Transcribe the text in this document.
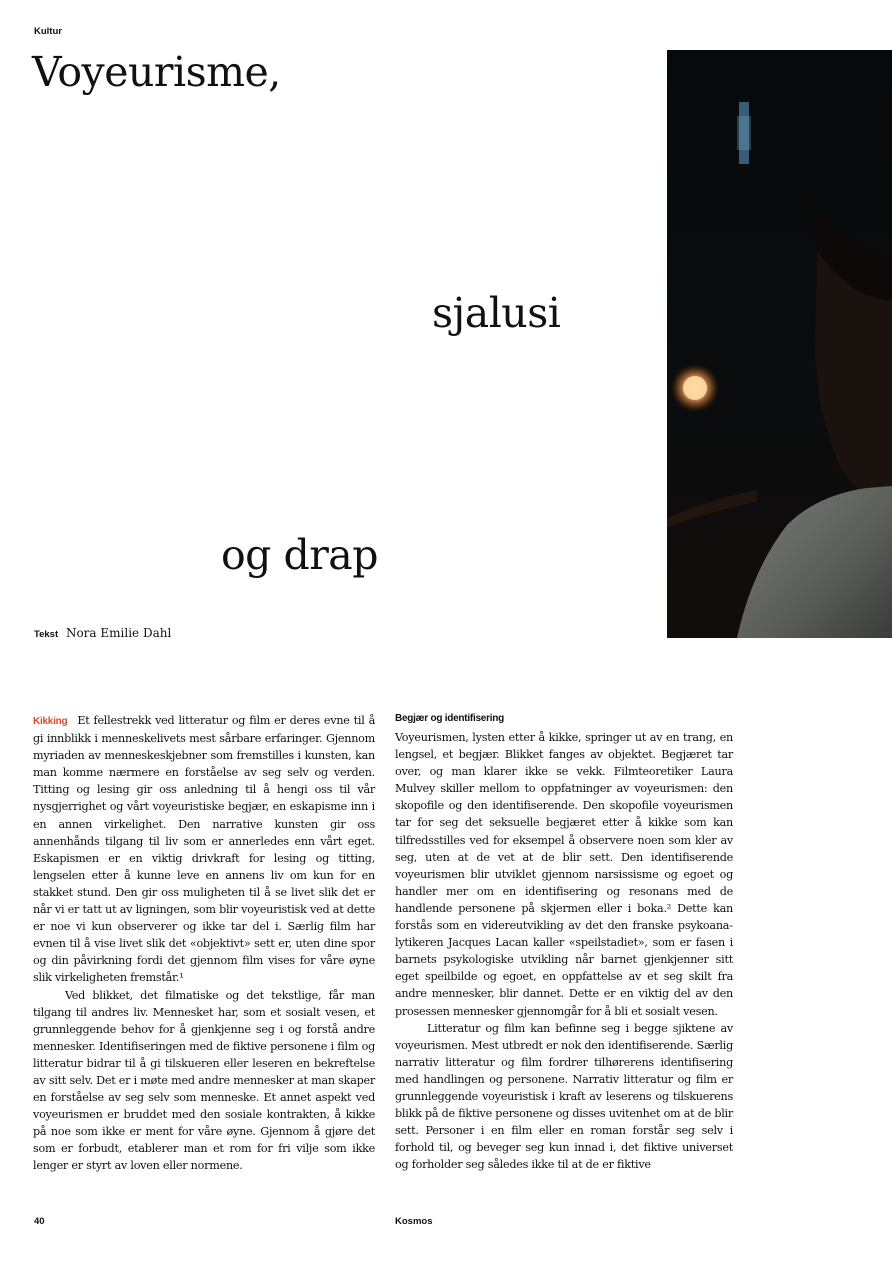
Kultur
Voyeurisme,
sjalusi
og drap
Tekst Nora Emilie Dahl

Kikking Et fellestrekk ved litteratur og film er deres evne til å gi innblikk i menneskelivets mest sårbare erfaringer. Gjennom myriaden av menneskeskjebner som fremstilles i kunsten, kan man komme nærmere en forståelse av seg selv og verden. Titting og lesing gir oss anledning til å hengi oss til vår nysgjerrighet og vårt voyeuristiske begjær, en eskapisme inn i en annen virkelighet. Den narrative kunsten gir oss annenhånds tilgang til liv som er annerledes enn vårt eget. Eskapismen er en viktig drivkraft for lesing og titting, lengselen etter å kunne leve en annens liv om kun for en stakket stund. Den gir oss muligheten til å se livet slik det er når vi er tatt ut av ligningen, som blir voyeuristisk ved at dette er noe vi kun observerer og ikke tar del i. Særlig film har evnen til å vise livet slik det «objektivt» sett er, uten dine spor og din påvirkning fordi det gjennom film vises for våre øyne slik virkeligheten fremstår.¹

Ved blikket, det filmatiske og det tekstlige, får man tilgang til andres liv. Mennesket har, som et sosialt vesen, et grunnleggende behov for å gjenkjenne seg i og forstå andre mennesker. Identifiseringen med de fiktive personene i film og litteratur bidrar til å gi tilskueren eller leseren en bekreftelse av sitt selv. Det er i møte med andre mennesker at man skaper en forståelse av seg selv som menneske. Et annet aspekt ved voyeurismen er bruddet med den sosiale kontrakten, å kikke på noe som ikke er ment for våre øyne. Gjennom å gjøre det som er forbudt, etablerer man et rom for fri vilje som ikke lenger er styrt av loven eller normene.

Begjær og identifisering

Voyeurismen, lysten etter å kikke, springer ut av en trang, en lengsel, et begjær. Blikket fanges av objektet. Begjæret tar over, og man klarer ikke se vekk. Filmteoretiker Laura Mulvey skiller mellom to oppfatninger av voyeurismen: den skopofile og den identifiserende. Den skopofile voyeurismen tar for seg det seksuelle begjæret etter å kikke som kan tilfredsstilles ved for eksempel å observere noen som kler av seg, uten at de vet at de blir sett. Den identifiserende voyeurismen blir utviklet gjennom narsissisme og egoet og handler mer om en identifisering og resonans med de handlende personene på skjermen eller i boka.² Dette kan forstås som en videreutvikling av det den franske psykoanalytikeren Jacques Lacan kaller «speilstadiet», som er fasen i barnets psykologiske utvikling når barnet gjenkjenner sitt eget speilbilde og egoet, en oppfattelse av et seg skilt fra andre mennesker, blir dannet. Dette er en viktig del av den prosessen mennesker gjennomgår for å bli et sosialt vesen.

Litteratur og film kan befinne seg i begge sjiktene av voyeurismen. Mest utbredt er nok den identifiserende. Særlig narrativ litteratur og film fordrer tilhørerens identifisering med handlingen og personene. Narrativ litteratur og film er grunnleggende voyeuristisk i kraft av leserens og tilskuerens blikk på de fiktive personene og disses uvitenhet om at de blir sett. Personer i en film eller en roman forstår seg selv i forhold til, og beveger seg kun innad i, det fiktive universet og forholder seg således ikke til at de er fiktive

40	Kosmos
